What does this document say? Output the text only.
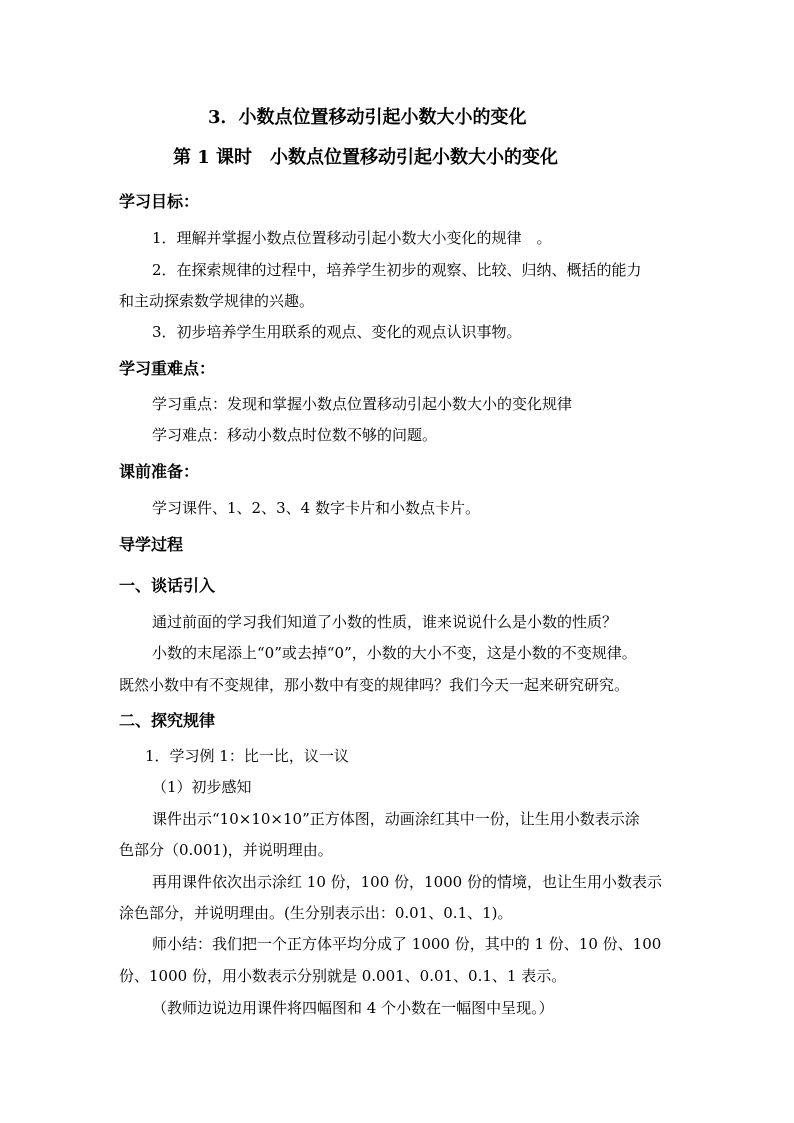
3．小数点位置移动引起小数大小的变化
第 1 课时　小数点位置移动引起小数大小的变化
学习目标：
1．理解并掌握小数点位置移动引起小数大小变化的规律　。
2．在探索规律的过程中，培养学生初步的观察、比较、归纳、概括的能力
和主动探索数学规律的兴趣。
3．初步培养学生用联系的观点、变化的观点认识事物。
学习重难点：
学习重点：发现和掌握小数点位置移动引起小数大小的变化规律
学习难点：移动小数点时位数不够的问题。
课前准备：
学习课件、1、2、3、4 数字卡片和小数点卡片。
导学过程
一、谈话引入
通过前面的学习我们知道了小数的性质，谁来说说什么是小数的性质？
小数的末尾添上“0”或去掉“0”，小数的大小不变，这是小数的不变规律。
既然小数中有不变规律，那小数中有变的规律吗？我们今天一起来研究研究。
二、探究规律
1．学习例 1：比一比，议一议
（1）初步感知
课件出示“10×10×10”正方体图，动画涂红其中一份，让生用小数表示涂
色部分（0.001)，并说明理由。
再用课件依次出示涂红 10 份，100 份，1000 份的情境，也让生用小数表示
涂色部分，并说明理由。(生分别表示出：0.01、0.1、1)。
师小结：我们把一个正方体平均分成了 1000 份，其中的 1 份、10 份、100
份、1000 份，用小数表示分别就是 0.001、0.01、0.1、1 表示。
（教师边说边用课件将四幅图和 4 个小数在一幅图中呈现。）
